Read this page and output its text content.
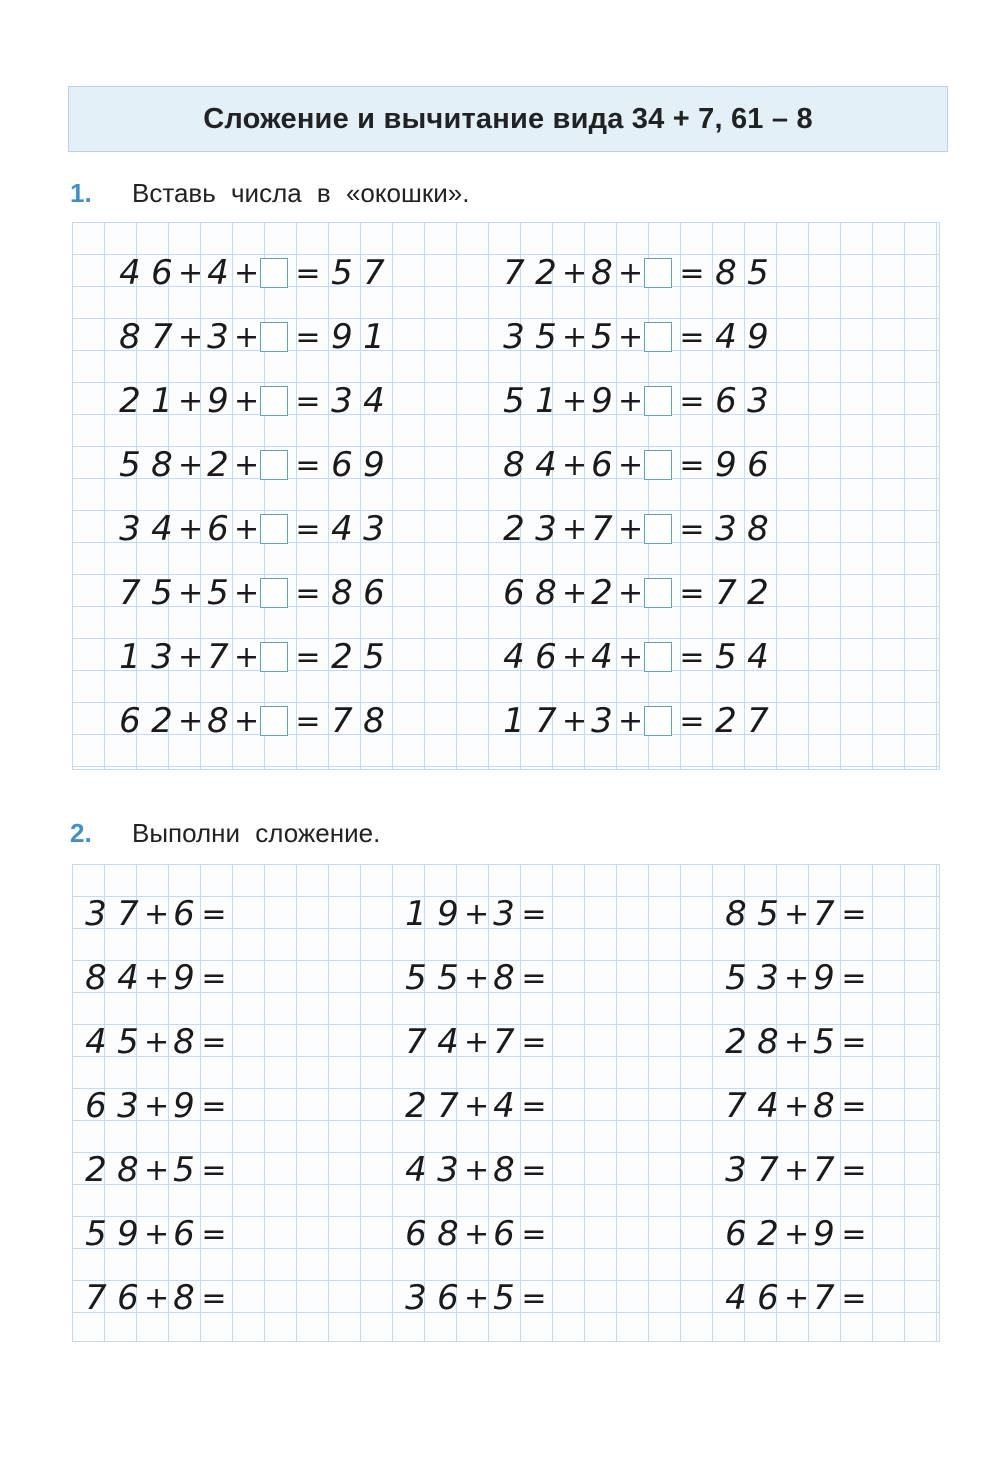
Сложение и вычитание вида 34 + 7, 61 – 8
1. Вставь числа в «окошки».
4 6 + 4 + = 5 7
8 7 + 3 + = 9 1
2 1 + 9 + = 3 4
5 8 + 2 + = 6 9
3 4 + 6 + = 4 3
7 5 + 5 + = 8 6
1 3 + 7 + = 2 5
6 2 + 8 + = 7 8
7 2 + 8 + = 8 5
3 5 + 5 + = 4 9
5 1 + 9 + = 6 3
8 4 + 6 + = 9 6
2 3 + 7 + = 3 8
6 8 + 2 + = 7 2
4 6 + 4 + = 5 4
1 7 + 3 + = 2 7
2. Выполни сложение.
3 7 + 6 =
8 4 + 9 =
4 5 + 8 =
6 3 + 9 =
2 8 + 5 =
5 9 + 6 =
7 6 + 8 =
1 9 + 3 =
5 5 + 8 =
7 4 + 7 =
2 7 + 4 =
4 3 + 8 =
6 8 + 6 =
3 6 + 5 =
8 5 + 7 =
5 3 + 9 =
2 8 + 5 =
7 4 + 8 =
3 7 + 7 =
6 2 + 9 =
4 6 + 7 =
